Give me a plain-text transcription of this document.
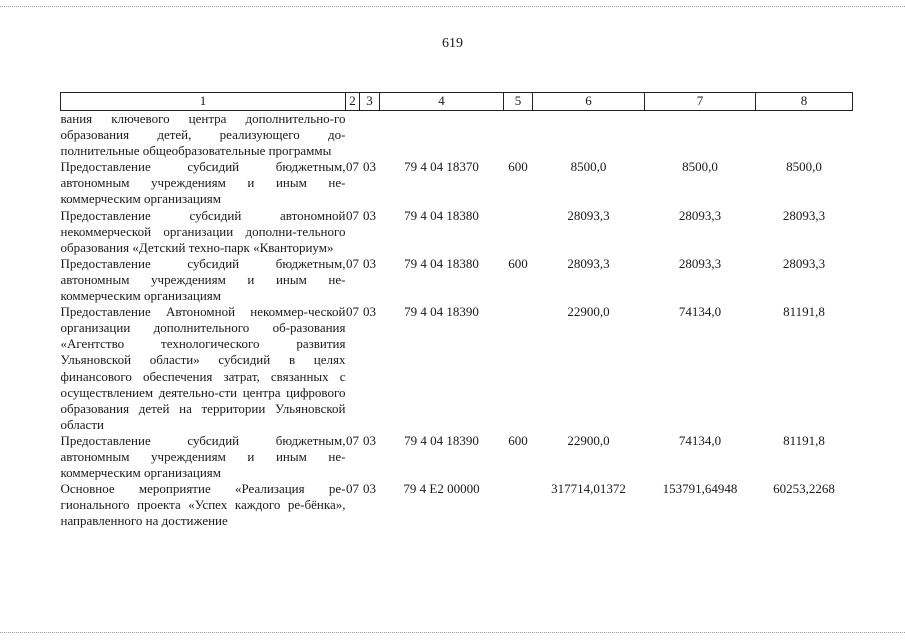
619
1	2	3	4	5	6	7	8
вания ключевого центра дополнительно-го образования детей, реализующего до-полнительные общеобразовательные программы							
Предоставление субсидий бюджетным, автономным учреждениям и иным не-коммерческим организациям	07	03	79 4 04 18370	600	8500,0	8500,0	8500,0
Предоставление субсидий автономной некоммерческой организации дополни-тельного образования «Детский техно-парк «Кванториум»	07	03	79 4 04 18380		28093,3	28093,3	28093,3
Предоставление субсидий бюджетным, автономным учреждениям и иным не-коммерческим организациям	07	03	79 4 04 18380	600	28093,3	28093,3	28093,3
Предоставление Автономной некоммер-ческой организации дополнительного об-разования «Агентство технологического развития Ульяновской области» субсидий в целях финансового обеспечения затрат, связанных с осуществлением деятельно-сти центра цифрового образования детей на территории Ульяновской области	07	03	79 4 04 18390		22900,0	74134,0	81191,8
Предоставление субсидий бюджетным, автономным учреждениям и иным не-коммерческим организациям	07	03	79 4 04 18390	600	22900,0	74134,0	81191,8
Основное мероприятие «Реализация ре-гионального проекта «Успех каждого ре-бёнка», направленного на достижение	07	03	79 4 E2 00000		317714,01372	153791,64948	60253,2268
